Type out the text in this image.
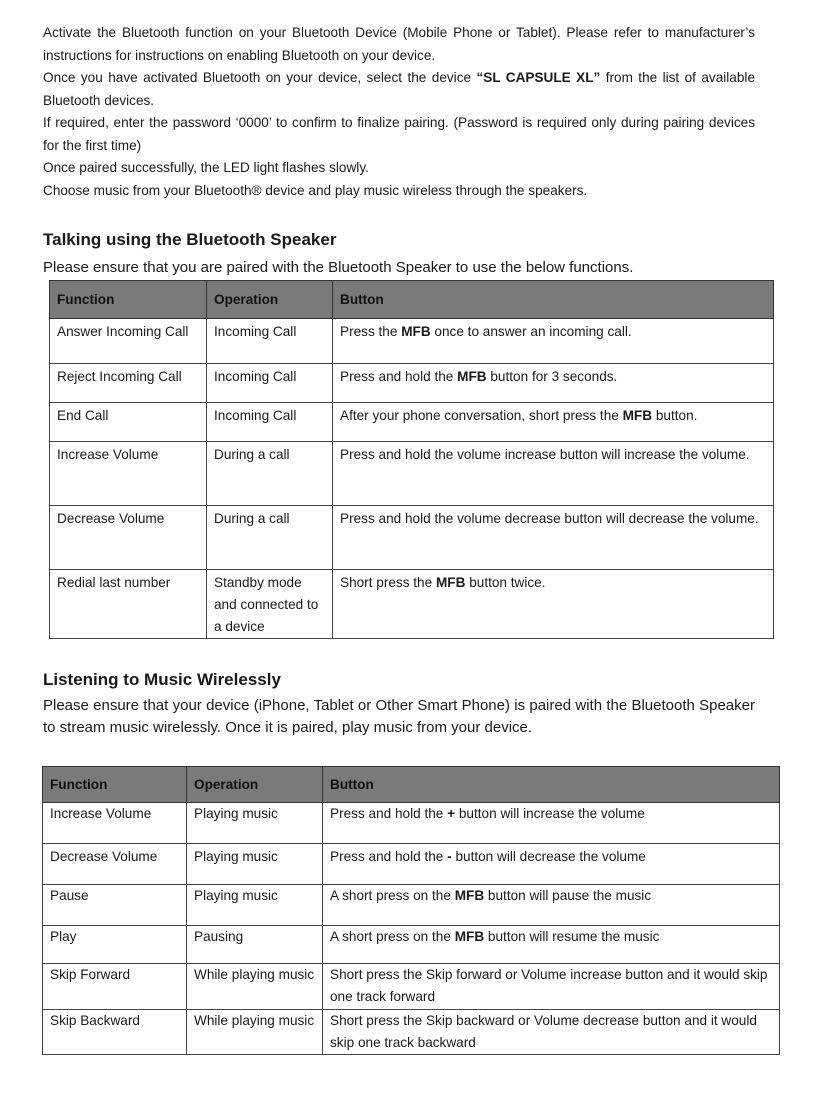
Activate the Bluetooth function on your Bluetooth Device (Mobile Phone or Tablet). Please refer to manufacturer’s instructions for instructions on enabling Bluetooth on your device.

Once you have activated Bluetooth on your device, select the device “SL CAPSULE XL” from the list of available Bluetooth devices.

If required, enter the password ‘0000’ to confirm to finalize pairing. (Password is required only during pairing devices for the first time)

Once paired successfully, the LED light flashes slowly.

Choose music from your Bluetooth® device and play music wireless through the speakers.

Talking using the Bluetooth Speaker

Please ensure that you are paired with the Bluetooth Speaker to use the below functions.

Function	Operation	Button
Answer Incoming Call	Incoming Call	Press the MFB once to answer an incoming call.
Reject Incoming Call	Incoming Call	Press and hold the MFB button for 3 seconds.
End Call	Incoming Call	After your phone conversation, short press the MFB button.
Increase Volume	During a call	Press and hold the volume increase button will increase the volume.
Decrease Volume	During a call	Press and hold the volume decrease button will decrease the volume.
Redial last number	Standby mode and connected to a device	Short press the MFB button twice.
Listening to Music Wirelessly

Please ensure that your device (iPhone, Tablet or Other Smart Phone) is paired with the Bluetooth Speaker to stream music wirelessly. Once it is paired, play music from your device.

Function	Operation	Button
Increase Volume	Playing music	Press and hold the + button will increase the volume
Decrease Volume	Playing music	Press and hold the - button will decrease the volume
Pause	Playing music	A short press on the MFB button will pause the music
Play	Pausing	A short press on the MFB button will resume the music
Skip Forward	While playing music	Short press the Skip forward or Volume increase button and it would skip one track forward
Skip Backward	While playing music	Short press the Skip backward or Volume decrease button and it would skip one track backward
